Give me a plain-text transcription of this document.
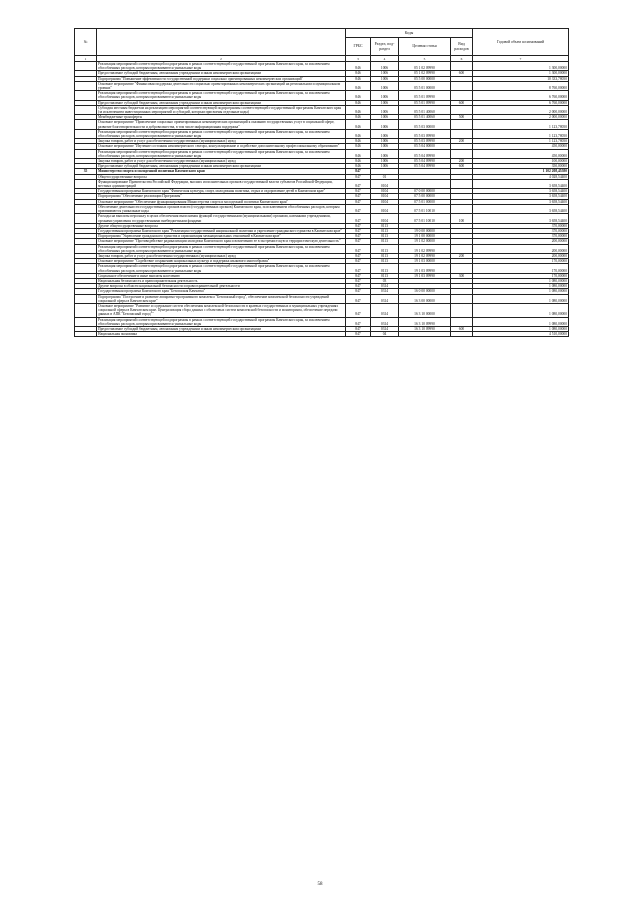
№		Коды				Годовой объем ассигнований
		ГРБС	Раздел, под-раздел	Целевая статья	Вид расходов	
1	2	3	4	5	6	7
	Реализация мероприятий соответствующей подпрограммы в рамках соответствующей государственной программы Камчатского края, за исключением обособленных расходов, которым присваиваются уникальные коды	846	1006	05 1 02 09990		1 300,00000
	Предоставление субсидий бюджетным, автономным учреждениям и иным некоммерческим организациям	846	1006	05 1 02 09990	600	1 300,00000
	Подпрограмма "Повышение эффективности государственной поддержки социально ориентированных некоммерческих организаций"	846	1006	05 5 00 00000		10 333,78050
	Основное мероприятие "Финансовая поддержка деятельности социально ориентированных некоммерческих организаций на региональном и муниципальном уровнях"	846	1006	05 5 01 00000		8 760,00000
	Реализация мероприятий соответствующей подпрограммы в рамках соответствующей государственной программы Камчатского края, за исключением обособленных расходов, которым присваиваются уникальные коды	846	1006	05 5 01 09990		6 760,00000
	Предоставление субсидий бюджетным, автономным учреждениям и иным некоммерческим организациям	846	1006	05 5 01 09990	600	6 760,00000
	Субсидия местным бюджетам на реализацию мероприятий соответствующей подпрограммы соответствующей государственной программы Камчатского края (за исключением инвестиционных мероприятий и субсидий, которым присвоены отдельные коды)	846	1006	05 5 01 40060		2 000,00000
	Межбюджетные трансферты	846	1006	05 5 01 40060	500	2 000,00000
	Основное мероприятие "Привлечение социально ориентированных некоммерческих организаций к оказанию государственных услуг в социальной сфере, развитие благотворительности и добровольчества, в том числе информационная поддержка"	846	1006	05 5 03 00000		1 123,78050
	Реализация мероприятий соответствующей подпрограммы в рамках соответствующей государственной программы Камчатского края, за исключением обособленных расходов, которым присваиваются уникальные коды	846	1006	05 5 03 09990		1 123,78050
	Закупка товаров, работ и услуг для обеспечения государственных (муниципальных) нужд	846	1006	05 5 03 09990	200	1 123,78050
	Основное мероприятие "Изучение состояния некоммерческого сектора, консультирование и содействие дополнительному профессиональному образованию"	846	1006	05 5 04 00000		450,00000
	Реализация мероприятий соответствующей подпрограммы в рамках соответствующей государственной программы Камчатского края, за исключением обособленных расходов, которым присваиваются уникальные коды	846	1006	05 5 04 09990		450,00000
	Закупка товаров, работ и услуг для обеспечения государственных (муниципальных) нужд	846	1006	05 5 04 09990	200	100,00000
	Предоставление субсидий бюджетным, автономным учреждениям и иным некоммерческим организациям	846	1006	05 5 04 09990	600	350,00000
35	Министерство спорта и молодежной политики Камчатского края	847				1 102 208,45580
	Общегосударственные вопросы	847	01			4 028,54400
	Функционирование Правительства Российской Федерации, высших исполнительных органов государственной власти субъектов Российской Федерации, местных администраций	847	0104			3 658,54400
	Государственная программа Камчатского края "Физическая культура, спорт, молодежная политика, отдых и оздоровление детей в Камчатском крае"	847	0104	07 0 00 00000		3 658,54400
	Подпрограмма "Обеспечение реализации Программы"	847	0104	07 5 00 00000		3 658,54400
	Основное мероприятие "Обеспечение функционирования Министерства спорта и молодежной политики Камчатского края"	847	0104	07 5 01 00000		3 658,54400
	Обеспечение деятельности государственных органов власти (государственных органов) Камчатского края, за исключением обособленных расходов, которым присваиваются уникальные коды	847	0104	07 5 01 10010		3 658,54400
	Расходы на выплаты персоналу в целях обеспечения выполнения функций государственными (муниципальными) органами, казенными учреждениями, органами управления государственными внебюджетными фондами	847	0104	07 5 01 10010	100	3 658,54400
	Другие общегосударственные вопросы	847	0113			370,00000
	Государственная программа Камчатского края "Реализация государственной национальной политики и укрепление гражданского единства в Камчатском крае"	847	0113	19 0 00 00000		370,00000
	Подпрограмма "Укрепление гражданского единства и гармонизация межнациональных отношений в Камчатском крае"	847	0113	19 1 00 00000		370,00000
	Основное мероприятие "Противодействие радикализации молодежи Камчатского края и вовлечению ее в экстремистскую и террористическую деятельность"	847	0113	19 1 02 00000		200,00000
	Реализация мероприятий соответствующей подпрограммы в рамках соответствующей государственной программы Камчатского края, за исключением обособленных расходов, которым присваиваются уникальные коды	847	0113	19 1 02 09990		200,00000
	Закупка товаров, работ и услуг для обеспечения государственных (муниципальных) нужд	847	0113	19 1 02 09990	200	200,00000
	Основное мероприятие "Содействие сохранению национальных культур и поддержка языкового многообразия"	847	0113	19 1 03 00000		170,00000
	Реализация мероприятий соответствующей подпрограммы в рамках соответствующей государственной программы Камчатского края, за исключением обособленных расходов, которым присваиваются уникальные коды	847	0113	19 1 03 09990		170,00000
	Социальное обеспечение и иные выплаты населению	847	0113	19 1 03 09990	300	170,00000
	Национальная безопасность и правоохранительная деятельность	847	03			1 080,00000
	Другие вопросы в области национальной безопасности и правоохранительной деятельности	847	0314			1 080,00000
	Государственная программа Камчатского края "Безопасная Камчатка"	847	0314	16 0 00 00000		1 080,00000
	Подпрограмма "Построение и развитие аппаратно-программного комплекса "Безопасный город", обеспечение комплексной безопасности учреждений социальной сферы в Камчатском крае"	847	0314	16 3 00 00000		1 080,00000
	Основное мероприятие "Развитие и содержание систем обеспечения комплексной безопасности в краевых государственных и муниципальных учреждениях социальной сферы в Камчатском крае. Централизация сбора данных с объектовых систем комплексной безопасности и мониторинга, обеспечение передачи данных в АПК "Безопасный город""	847	0314	16 3 10 00000		1 080,00000
	Реализация мероприятий соответствующей подпрограммы в рамках соответствующей государственной программы Камчатского края, за исключением обособленных расходов, которым присваиваются уникальные коды	847	0314	16 3 10 09990		1 080,00000
	Предоставление субсидий бюджетным, автономным учреждениям и иным некоммерческим организациям	847	0314	16 3 10 09990	600	1 080,00000
	Национальная экономика	847	04			4 510,00000
58
